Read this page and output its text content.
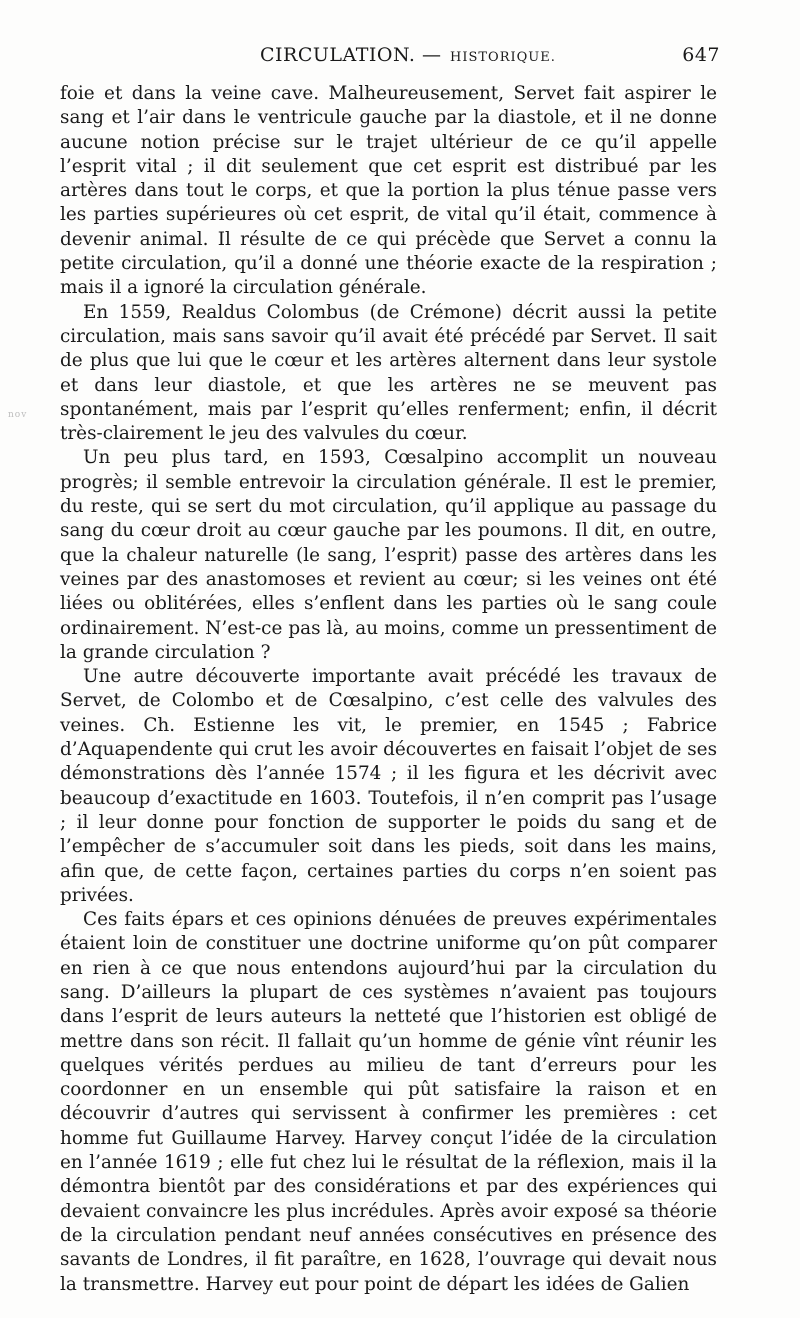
CIRCULATION. — HISTORIQUE.	647
nov

foie et dans la veine cave. Malheureusement, Servet fait aspirer le sang et l’air dans le ventricule gauche par la diastole, et il ne donne aucune notion précise sur le trajet ultérieur de ce qu’il appelle l’esprit vital ; il dit seulement que cet esprit est distribué par les artères dans tout le corps, et que la portion la plus ténue passe vers les parties supérieures où cet esprit, de vital qu’il était, commence à devenir animal. Il résulte de ce qui précède que Servet a connu la petite circulation, qu’il a donné une théorie exacte de la respiration ; mais il a ignoré la circulation générale.

En 1559, Realdus Colombus (de Crémone) décrit aussi la petite circulation, mais sans savoir qu’il avait été précédé par Servet. Il sait de plus que lui que le cœur et les artères alternent dans leur systole et dans leur diastole, et que les artères ne se meuvent pas spontanément, mais par l’esprit qu’elles renferment; enfin, il décrit très-clairement le jeu des valvules du cœur.

Un peu plus tard, en 1593, Cœsalpino accomplit un nouveau progrès; il semble entrevoir la circulation générale. Il est le premier, du reste, qui se sert du mot circulation, qu’il applique au passage du sang du cœur droit au cœur gauche par les poumons. Il dit, en outre, que la chaleur naturelle (le sang, l’esprit) passe des artères dans les veines par des anastomoses et revient au cœur; si les veines ont été liées ou oblitérées, elles s’enflent dans les parties où le sang coule ordinairement. N’est-ce pas là, au moins, comme un pressentiment de la grande circulation ?

Une autre découverte importante avait précédé les travaux de Servet, de Colombo et de Cœsalpino, c’est celle des valvules des veines. Ch. Estienne les vit, le premier, en 1545 ; Fabrice d’Aquapendente qui crut les avoir découvertes en faisait l’objet de ses démonstrations dès l’année 1574 ; il les figura et les décrivit avec beaucoup d’exactitude en 1603. Toutefois, il n’en comprit pas l’usage ; il leur donne pour fonction de supporter le poids du sang et de l’empêcher de s’accumuler soit dans les pieds, soit dans les mains, afin que, de cette façon, certaines parties du corps n’en soient pas privées.

Ces faits épars et ces opinions dénuées de preuves expérimentales étaient loin de constituer une doctrine uniforme qu’on pût comparer en rien à ce que nous entendons aujourd’hui par la circulation du sang. D’ailleurs la plupart de ces systèmes n’avaient pas toujours dans l’esprit de leurs auteurs la netteté que l’historien est obligé de mettre dans son récit. Il fallait qu’un homme de génie vînt réunir les quelques vérités perdues au milieu de tant d’erreurs pour les coordonner en un ensemble qui pût satisfaire la raison et en découvrir d’autres qui servissent à confirmer les premières : cet homme fut Guillaume Harvey. Harvey conçut l’idée de la circulation en l’année 1619 ; elle fut chez lui le résultat de la réflexion, mais il la démontra bientôt par des considérations et par des expériences qui devaient convaincre les plus incrédules. Après avoir exposé sa théorie de la circulation pendant neuf années consécutives en présence des savants de Londres, il fit paraître, en 1628, l’ouvrage qui devait nous la transmettre. Harvey eut pour point de départ les idées de Galien
